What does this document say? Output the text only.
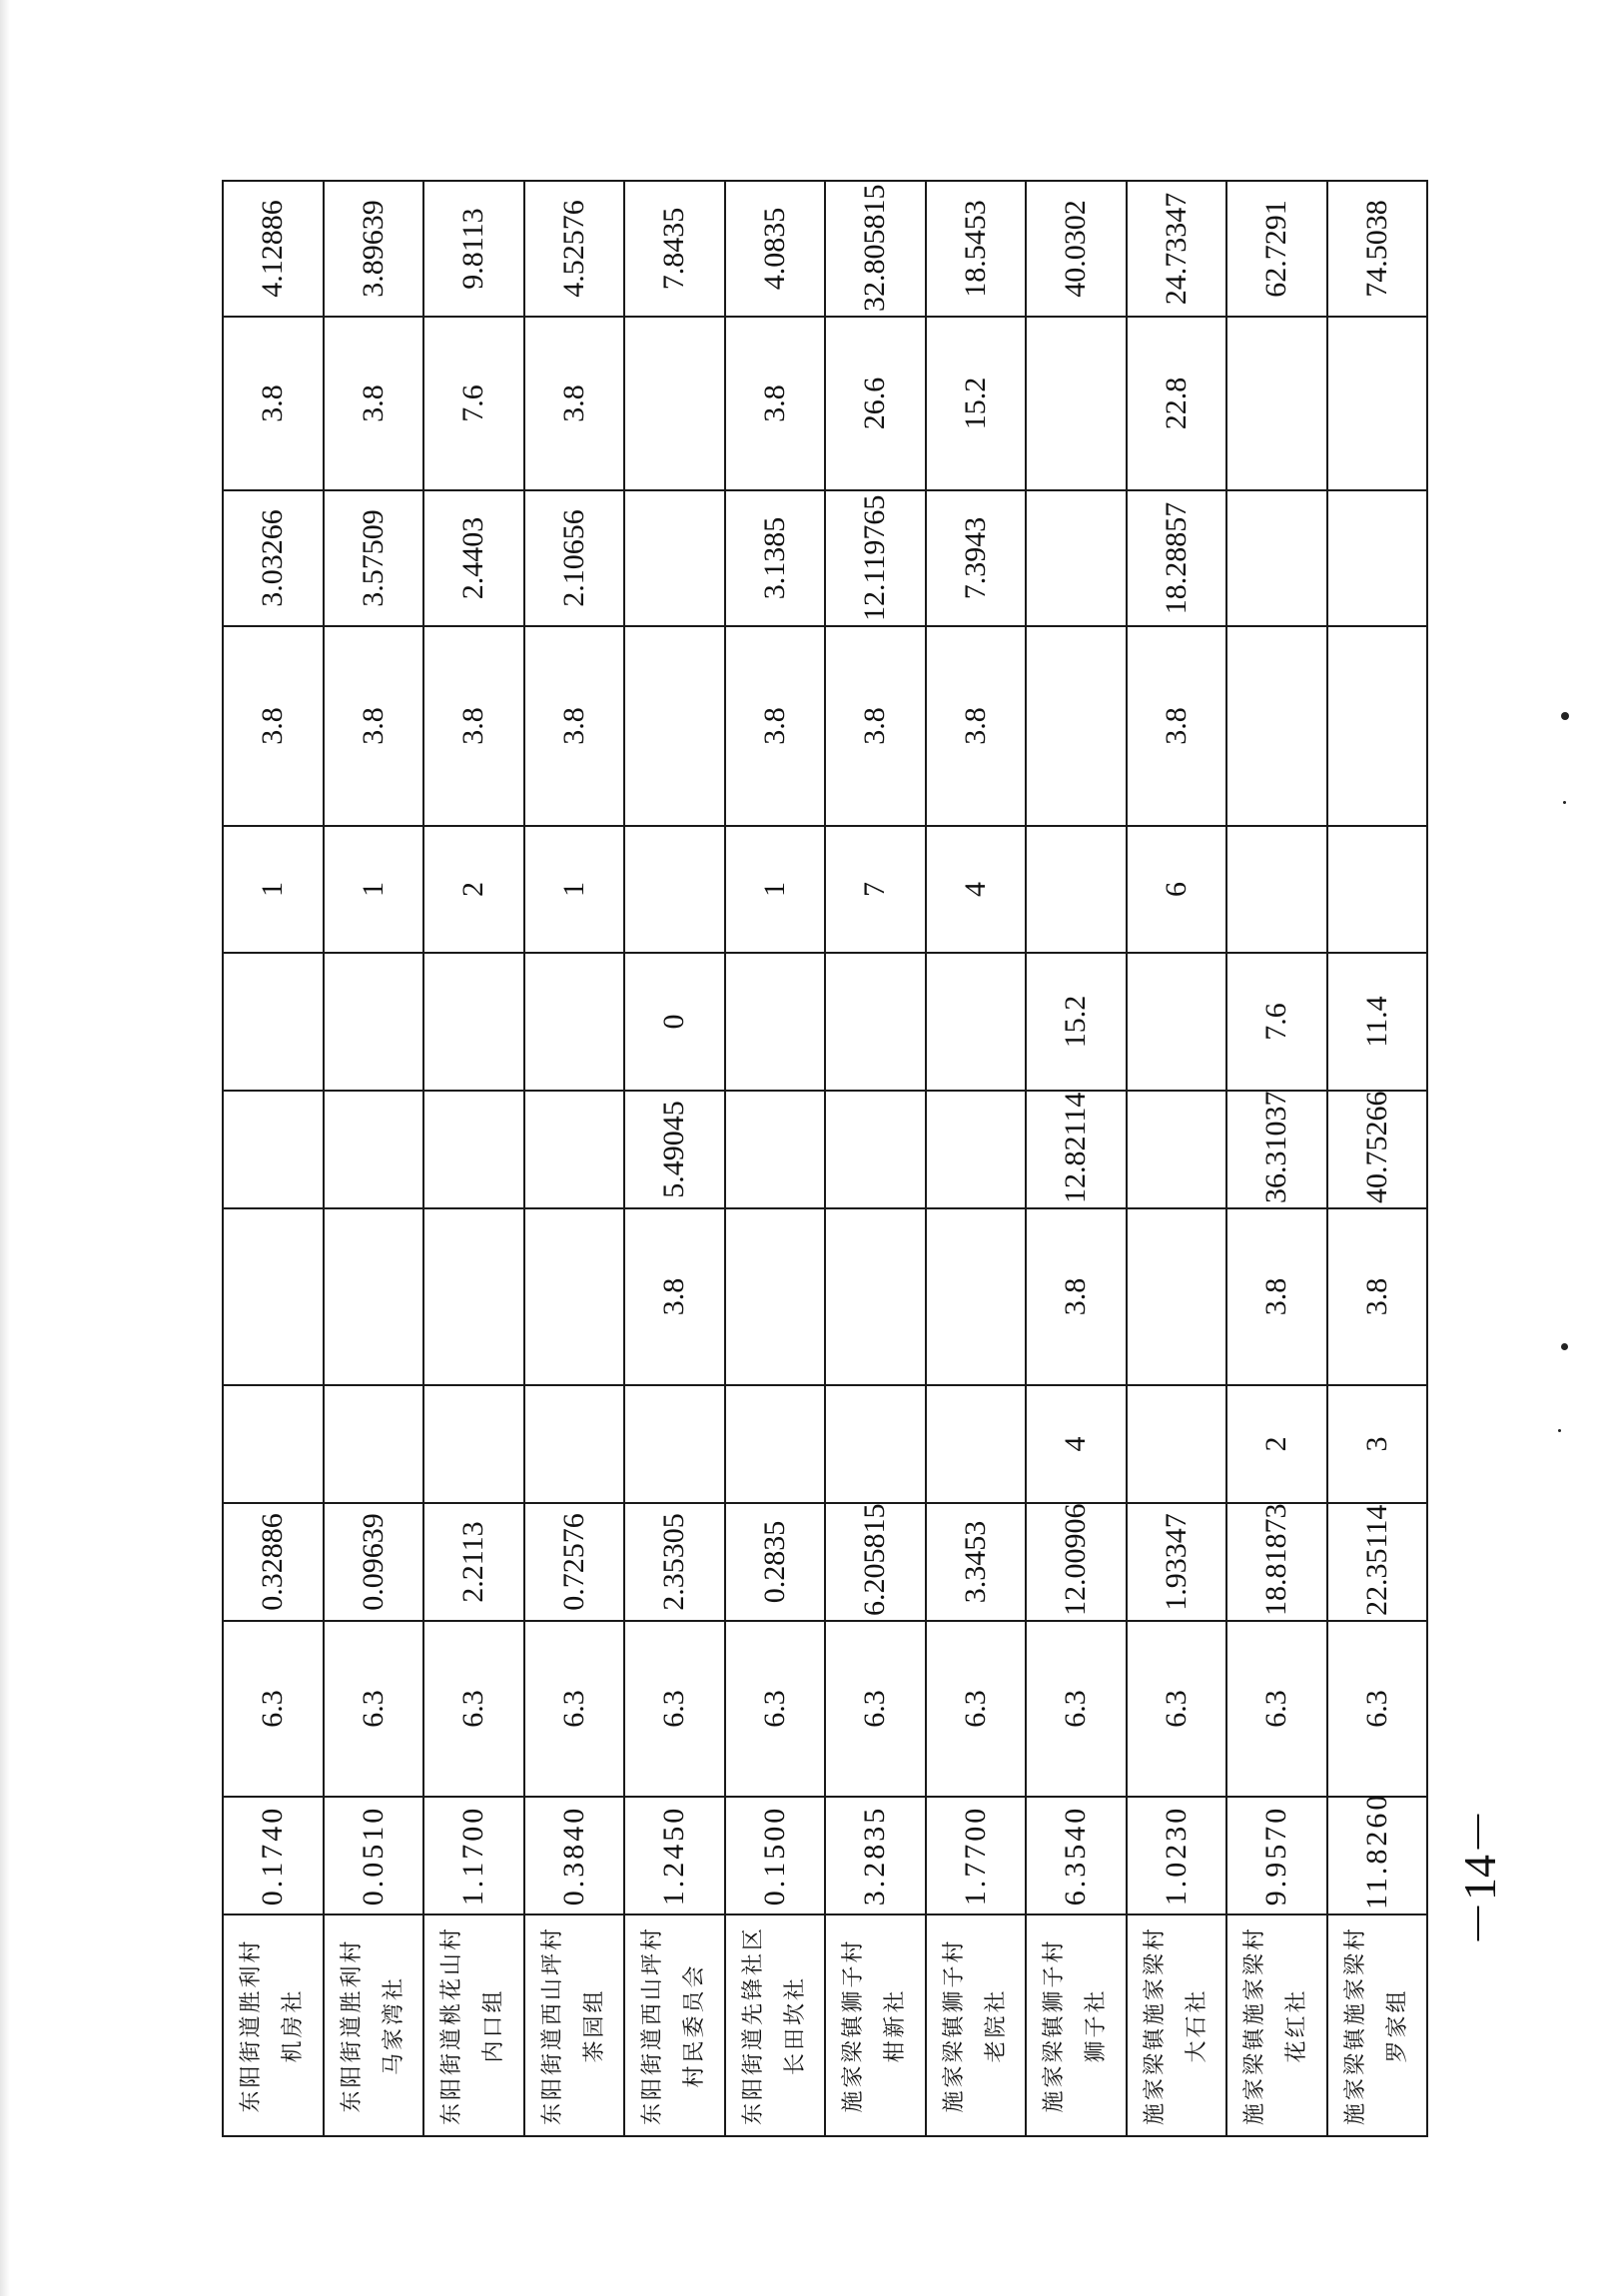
东阳街道胜利村 机房社	0.1740	6.3	0.32886					1	3.8	3.03266	3.8	4.12886

东阳街道胜利村 马家湾社	0.0510	6.3	0.09639					1	3.8	3.57509	3.8	3.89639

东阳街道桃花山村 内口组	1.1700	6.3	2.2113					2	3.8	2.4403	7.6	9.8113

东阳街道西山坪村 茶园组	0.3840	6.3	0.72576					1	3.8	2.10656	3.8	4.52576

东阳街道西山坪村 村民委员会	1.2450	6.3	2.35305		3.8	5.49045	0					7.8435

东阳街道先锋社区 长田坎社	0.1500	6.3	0.2835					1	3.8	3.1385	3.8	4.0835

施家梁镇狮子村 柑新社	3.2835	6.3	6.205815					7	3.8	12.119765	26.6	32.805815

施家梁镇狮子村 老院社	1.7700	6.3	3.3453					4	3.8	7.3943	15.2	18.5453

施家梁镇狮子村 狮子社	6.3540	6.3	12.00906	4	3.8	12.82114	15.2					40.0302

施家梁镇施家梁村 大石社	1.0230	6.3	1.93347					6	3.8	18.28857	22.8	24.73347

施家梁镇施家梁村 花红社	9.9570	6.3	18.81873	2	3.8	36.31037	7.6					62.7291

施家梁镇施家梁村 罗家组	11.8260	6.3	22.35114	3	3.8	40.75266	11.4					74.5038
－14－
